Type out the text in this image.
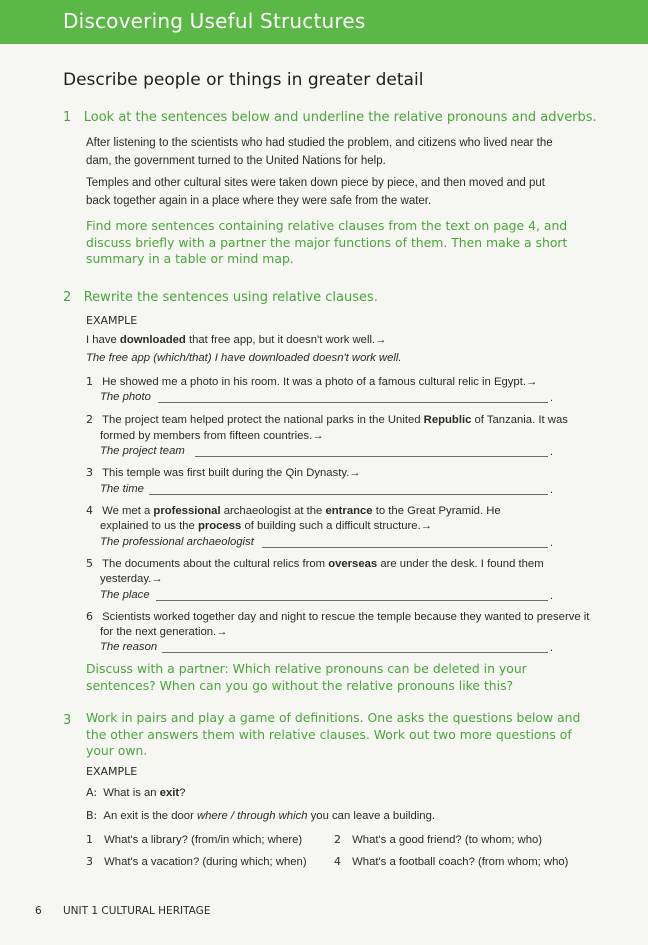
Discovering Useful Structures
Describe people or things in greater detail
1 Look at the sentences below and underline the relative pronouns and adverbs.

After listening to the scientists who had studied the problem, and citizens who lived near the
dam, the government turned to the United Nations for help.

Temples and other cultural sites were taken down piece by piece, and then moved and put
back together again in a place where they were safe from the water.

Find more sentences containing relative clauses from the text on page 4, and

discuss briefly with a partner the major functions of them. Then make a short

summary in a table or mind map.

2 Rewrite the sentences using relative clauses.
EXAMPLE
I have downloaded that free app, but it doesn't work well.→
The free app (which/that) I have downloaded doesn't work well.
1 He showed me a photo in his room. It was a photo of a famous cultural relic in Egypt.→
The photo	.
2 The project team helped protect the national parks in the United Republic of Tanzania. It was
formed by members from fifteen countries.→
The project team	.
3 This temple was first built during the Qin Dynasty.→
The time	.
4 We met a professional archaeologist at the entrance to the Great Pyramid. He
explained to us the process of building such a difficult structure.→
The professional archaeologist	.
5 The documents about the cultural relics from overseas are under the desk. I found them
yesterday.→
The place	.
6 Scientists worked together day and night to rescue the temple because they wanted to preserve it
for the next generation.→
The reason	.

Discuss with a partner: Which relative pronouns can be deleted in your

sentences? When can you go without the relative pronouns like this?

3 Work in pairs and play a game of definitions. One asks the questions below and

the other answers them with relative clauses. Work out two more questions of

your own.

EXAMPLE
A: What is an exit?
B: An exit is the door where / through which you can leave a building.
1 What's a library? (from/in which; where)	2 What's a good friend? (to whom; who)
3 What's a vacation? (during which; when) 4 What's a football coach? (from whom; who)
6 UNIT 1 CULTURAL HERITAGE
